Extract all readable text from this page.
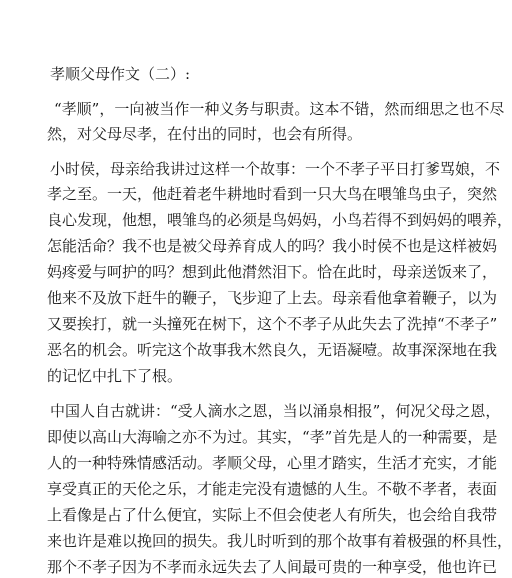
孝顺父母作文（二）:
“孝顺”，一向被当作一种义务与职责。这本不错，然而细思之也不尽
然，对父母尽孝，在付出的同时，也会有所得。
小时侯，母亲给我讲过这样一个故事：一个不孝子平日打爹骂娘，不
孝之至。一天，他赶着老牛耕地时看到一只大鸟在喂雏鸟虫子，突然
良心发现，他想，喂雏鸟的必须是鸟妈妈，小鸟若得不到妈妈的喂养，
怎能活命？我不也是被父母养育成人的吗？我小时侯不也是这样被妈
妈疼爱与呵护的吗？想到此他潸然泪下。恰在此时，母亲送饭来了，
他来不及放下赶牛的鞭子，飞步迎了上去。母亲看他拿着鞭子，以为
又要挨打，就一头撞死在树下，这个不孝子从此失去了洗掉“不孝子”
恶名的机会。听完这个故事我木然良久，无语凝噎。故事深深地在我
的记忆中扎下了根。
中国人自古就讲：“受人滴水之恩，当以涌泉相报”，何况父母之恩，
即使以高山大海喻之亦不为过。其实，“孝”首先是人的一种需要，是
人的一种特殊情感活动。孝顺父母，心里才踏实，生活才充实，才能
享受真正的天伦之乐，才能走完没有遗憾的人生。不敬不孝者，表面
上看像是占了什么便宜，实际上不但会使老人有所失，也会给自我带
来也许是难以挽回的损失。我儿时听到的那个故事有着极强的杯具性，
那个不孝子因为不孝而永远失去了人间最可贵的一种享受，他也许已
